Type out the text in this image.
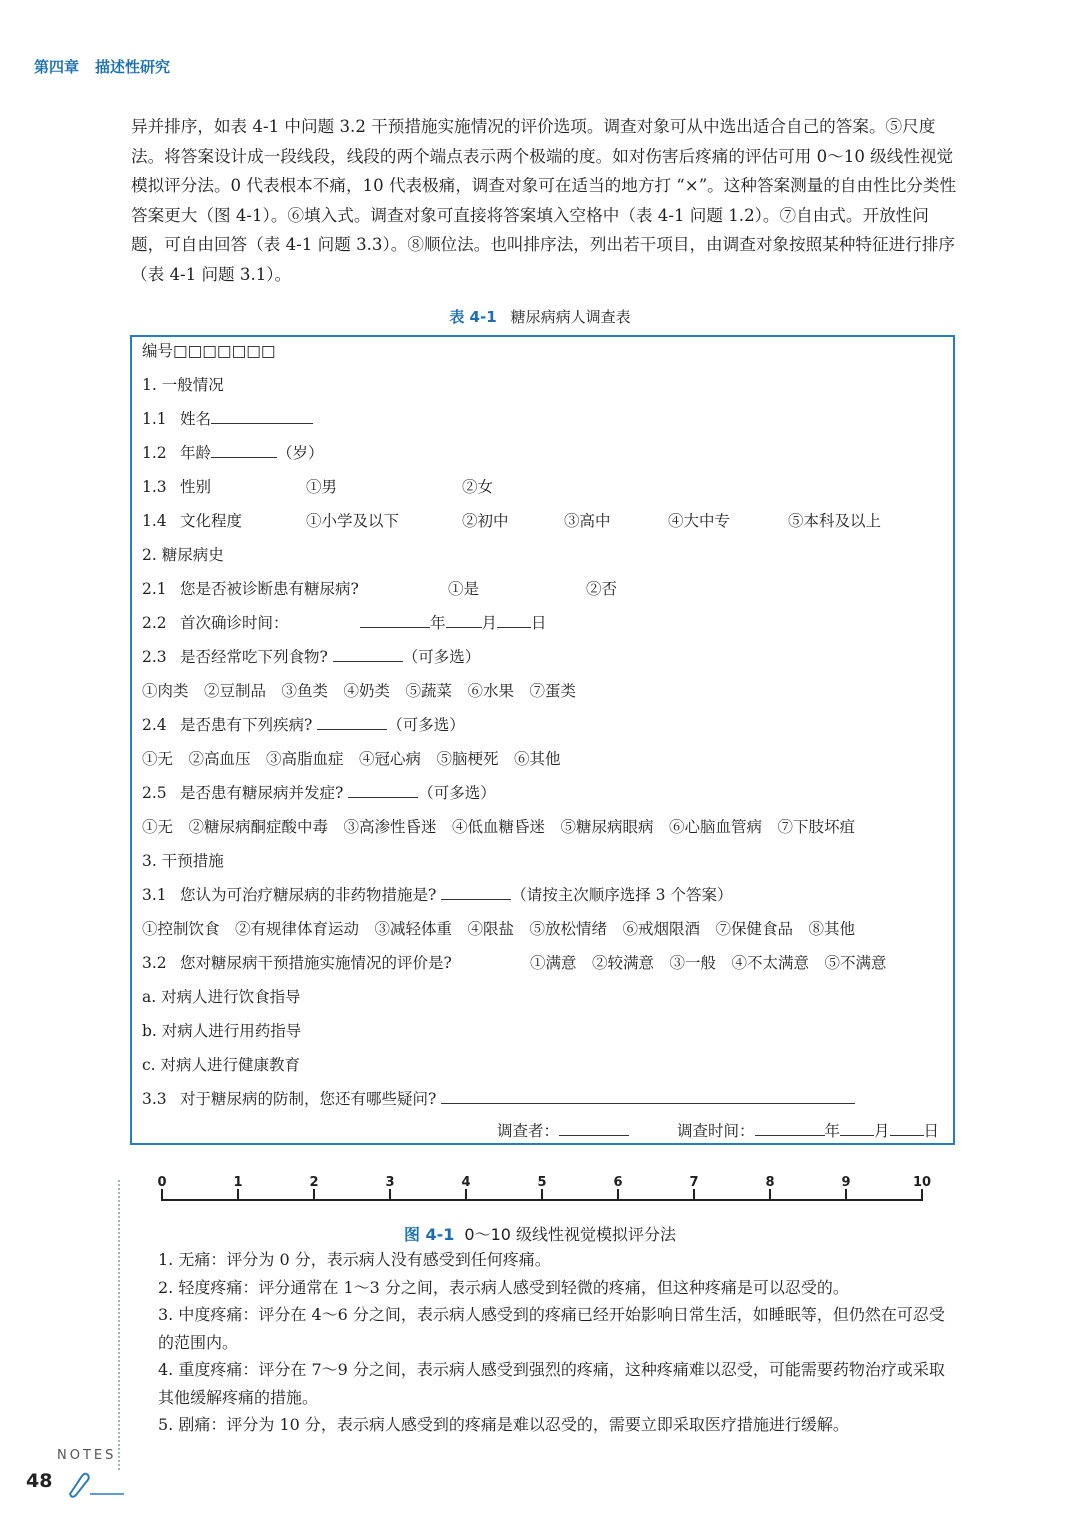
第四章 描述性研究

异并排序，如表 4-1 中问题 3.2 干预措施实施情况的评价选项。调查对象可从中选出适合自己的答案。⑤尺度法。将答案设计成一段线段，线段的两个端点表示两个极端的度。如对伤害后疼痛的评估可用 0～10 级线性视觉模拟评分法。0 代表根本不痛，10 代表极痛，调查对象可在适当的地方打 “×”。这种答案测量的自由性比分类性答案更大（图 4-1）。⑥填入式。调查对象可直接将答案填入空格中（表 4-1 问题 1.2）。⑦自由式。开放性问题，可自由回答（表 4-1 问题 3.3）。⑧顺位法。也叫排序法，列出若干项目，由调查对象按照某种特征进行排序（表 4-1 问题 3.1）。

表 4-1 糖尿病病人调查表
编号□□□□□□□
1. 一般情况
1.1 姓名
1.2 年龄	（岁）
1.3 性别	①男	②女
1.4 文化程度	①小学及以下	②初中	③高中	④大中专	⑤本科及以上
2. 糖尿病史
2.1 您是否被诊断患有糖尿病?	①是	②否
2.2 首次确诊时间：	年 月 日
2.3 是否经常吃下列食物?	（可多选）
①肉类　②豆制品　③鱼类　④奶类　⑤蔬菜　⑥水果　⑦蛋类
2.4 是否患有下列疾病?	（可多选）
①无　②高血压　③高脂血症　④冠心病　⑤脑梗死　⑥其他
2.5 是否患有糖尿病并发症?	（可多选）
①无　②糖尿病酮症酸中毒　③高渗性昏迷　④低血糖昏迷　⑤糖尿病眼病　⑥心脑血管病　⑦下肢坏疽
3. 干预措施
3.1 您认为可治疗糖尿病的非药物措施是?	（请按主次顺序选择 3 个答案）
①控制饮食　②有规律体育运动　③减轻体重　④限盐　⑤放松情绪　⑥戒烟限酒　⑦保健食品　⑧其他
3.2 您对糖尿病干预措施实施情况的评价是?	①满意　②较满意　③一般　④不太满意　⑤不满意
a. 对病人进行饮食指导
b. 对病人进行用药指导
c. 对病人进行健康教育
3.3 对于糖尿病的防制，您还有哪些疑问?
调查者：	调查时间：	年 月 日
0	1	2	3	4	5	6	7	8	9	10
图 4-1 0～10 级线性视觉模拟评分法

1. 无痛：评分为 0 分，表示病人没有感受到任何疼痛。

2. 轻度疼痛：评分通常在 1～3 分之间，表示病人感受到轻微的疼痛，但这种疼痛是可以忍受的。

3. 中度疼痛：评分在 4～6 分之间，表示病人感受到的疼痛已经开始影响日常生活，如睡眠等，但仍然在可忍受的范围内。

4. 重度疼痛：评分在 7～9 分之间，表示病人感受到强烈的疼痛，这种疼痛难以忍受，可能需要药物治疗或采取其他缓解疼痛的措施。

5. 剧痛：评分为 10 分，表示病人感受到的疼痛是难以忍受的，需要立即采取医疗措施进行缓解。

NOTES
48
